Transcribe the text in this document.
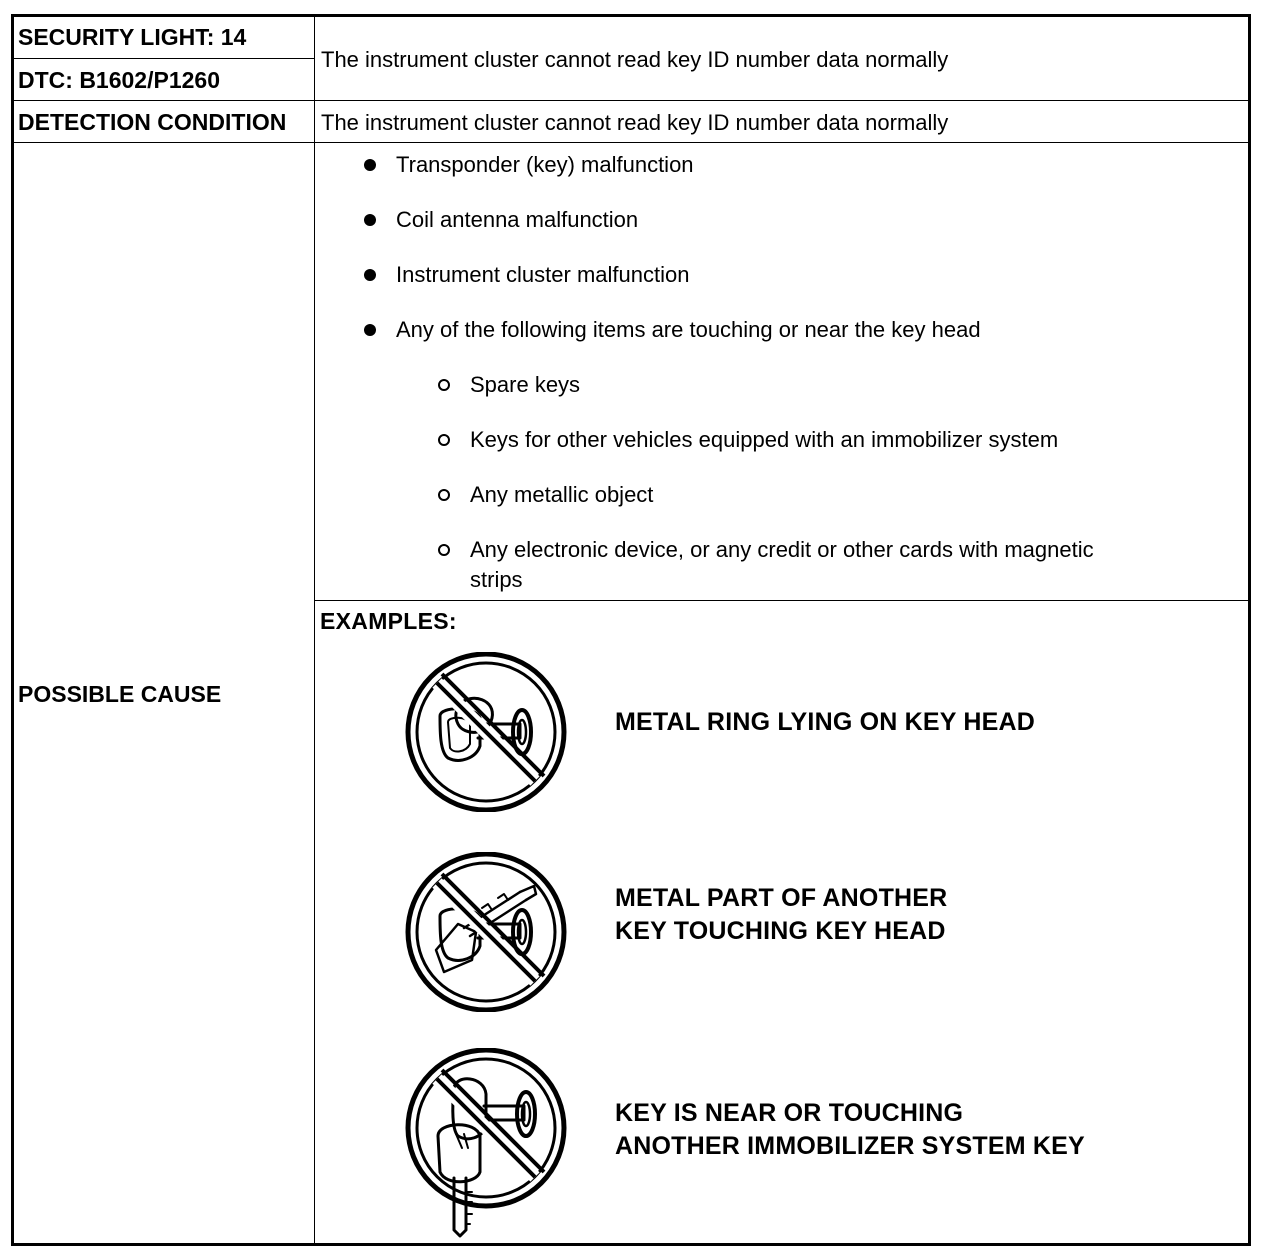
SECURITY LIGHT: 14
DTC: B1602/P1260
DETECTION CONDITION
POSSIBLE CAUSE
The instrument cluster cannot read key ID number data normally
The instrument cluster cannot read key ID number data normally
Transponder (key) malfunction
Coil antenna malfunction
Instrument cluster malfunction
Any of the following items are touching or near the key head
Spare keys
Keys for other vehicles equipped with an immobilizer system
Any metallic object
Any electronic device, or any credit or other cards with magnetic
strips
EXAMPLES:
METAL RING LYING ON KEY HEAD
METAL PART OF ANOTHER
KEY TOUCHING KEY HEAD
KEY IS NEAR OR TOUCHING
ANOTHER IMMOBILIZER SYSTEM KEY
